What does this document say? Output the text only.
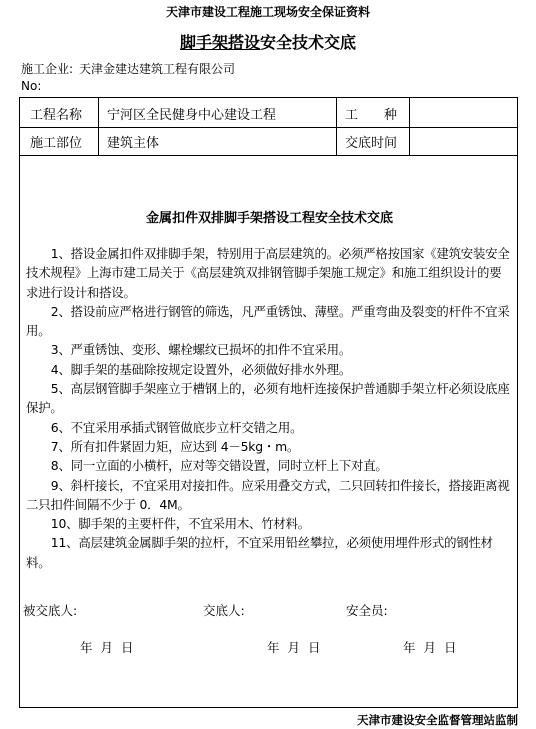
天津市建设工程施工现场安全保证资料
脚手架搭设安全技术交底
施工企业: 天津金建达建筑工程有限公司
No:
工程名称 宁河区全民健身中心建设工程	工　　种
施工部位 建筑主体	交底时间
金属扣件双排脚手架搭设工程安全技术交底

1、搭设金属扣件双排脚手架，特别用于高层建筑的。必须严格按国家《建筑安装安全技术规程》上海市建工局关于《高层建筑双排钢管脚手架施工规定》和施工组织设计的要求进行设计和搭设。

2、搭设前应严格进行钢管的筛选，凡严重锈蚀、薄壁。严重弯曲及裂变的杆件不宜采用。

3、严重锈蚀、变形、螺栓螺纹已损坏的扣件不宜采用。

4、脚手架的基础除按规定设置外，必须做好排水外理。

5、高层钢管脚手架座立于槽钢上的，必须有地杆连接保护普通脚手架立杆必须设底座保护。

6、不宜采用承插式钢管做底步立杆交错之用。

7、所有扣件紧固力矩，应达到 4－5kg・m。

8、同一立面的小横杆，应对等交错设置，同时立杆上下对直。

9、斜杆接长，不宜采用对接扣件。应采用叠交方式，二只回转扣件接长，搭接距离视二只扣件间隔不少于 0．4M。

10、脚手架的主要杆件，不宜采用木、竹材料。

11、高层建筑金属脚手架的拉杆，不宜采用铅丝攀拉，必须使用埋件形式的钢性材料。

被交底人:	交底人:	安全员:
年 月 日	年 月 日	年 月 日
天津市建设安全监督管理站监制
